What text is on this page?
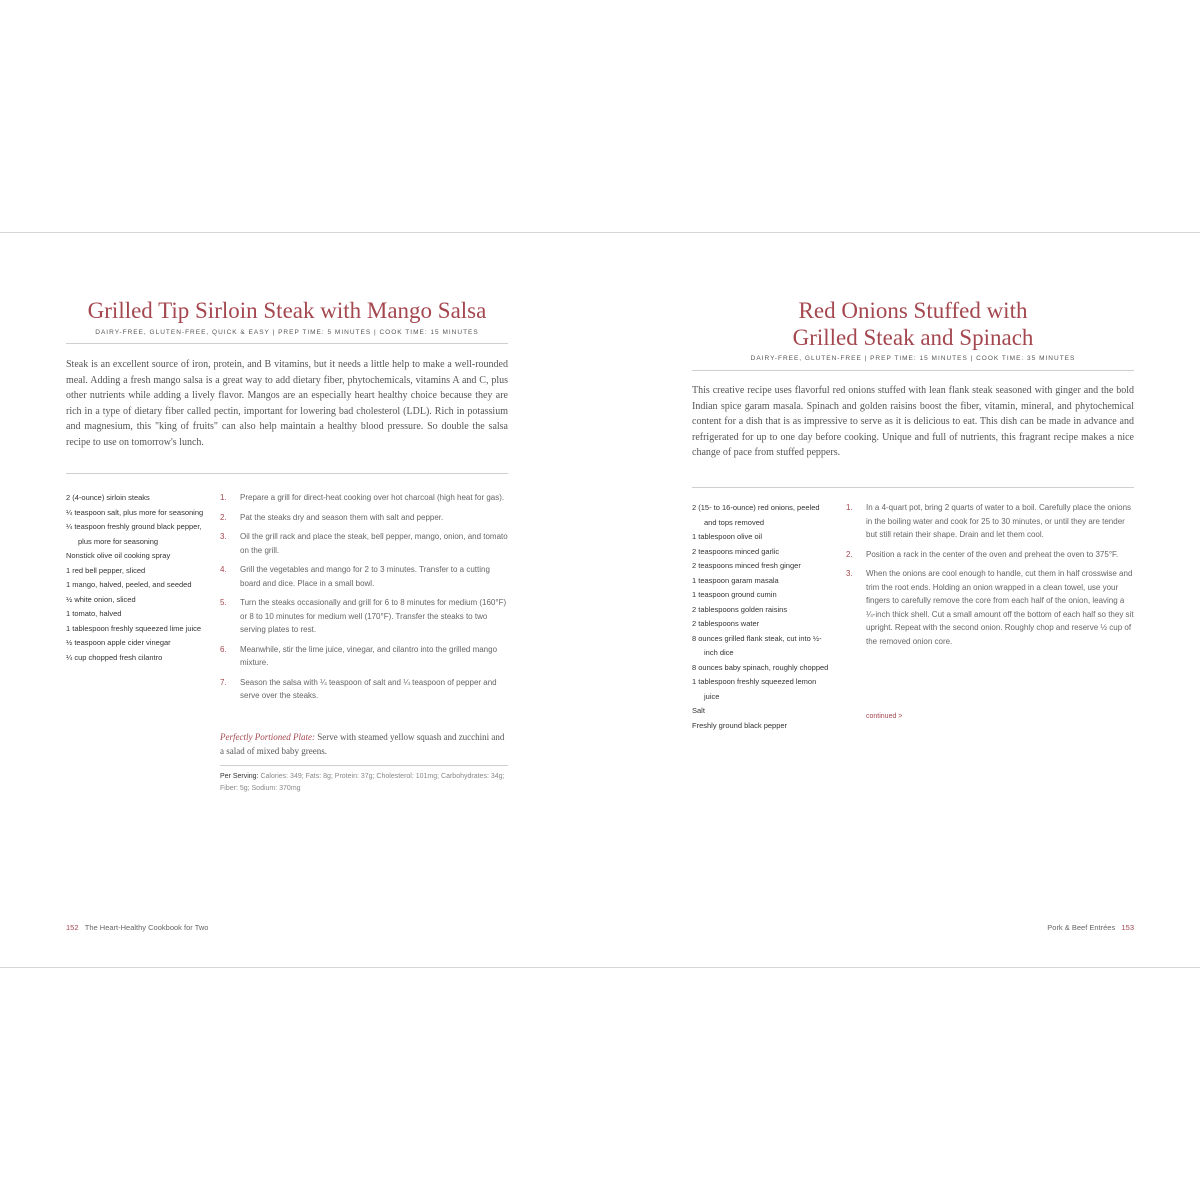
Grilled Tip Sirloin Steak with Mango Salsa
DAIRY-FREE, GLUTEN-FREE, QUICK & EASY | PREP TIME: 5 MINUTES | COOK TIME: 15 MINUTES

Steak is an excellent source of iron, protein, and B vitamins, but it needs a little help to make a well-rounded meal. Adding a fresh mango salsa is a great way to add dietary fiber, phytochemicals, vitamins A and C, plus other nutrients while adding a lively flavor. Mangos are an especially heart healthy choice because they are rich in a type of dietary fiber called pectin, important for lowering bad cholesterol (LDL). Rich in potassium and magnesium, this "king of fruits" can also help maintain a healthy blood pressure. So double the salsa recipe to use on tomorrow's lunch.

2 (4-ounce) sirloin steaks
¼ teaspoon salt, plus more for seasoning
¼ teaspoon freshly ground black pepper, plus more for seasoning
Nonstick olive oil cooking spray
1 red bell pepper, sliced
1 mango, halved, peeled, and seeded
½ white onion, sliced
1 tomato, halved
1 tablespoon freshly squeezed lime juice
½ teaspoon apple cider vinegar
¼ cup chopped fresh cilantro
1. Prepare a grill for direct-heat cooking over hot charcoal (high heat for gas).
2. Pat the steaks dry and season them with salt and pepper.
3. Oil the grill rack and place the steak, bell pepper, mango, onion, and tomato on the grill.
4. Grill the vegetables and mango for 2 to 3 minutes. Transfer to a cutting board and dice. Place in a small bowl.
5. Turn the steaks occasionally and grill for 6 to 8 minutes for medium (160°F) or 8 to 10 minutes for medium well (170°F). Transfer the steaks to two serving plates to rest.
6. Meanwhile, stir the lime juice, vinegar, and cilantro into the grilled mango mixture.
7. Season the salsa with ¼ teaspoon of salt and ¼ teaspoon of pepper and serve over the steaks.

Perfectly Portioned Plate: Serve with steamed yellow squash and zucchini and a salad of mixed baby greens.

Per Serving: Calories: 349; Fats: 8g; Protein: 37g; Cholesterol: 101mg; Carbohydrates: 34g; Fiber: 5g; Sodium: 370mg

152 The Heart-Healthy Cookbook for Two
Red Onions Stuffed with
Grilled Steak and Spinach
DAIRY-FREE, GLUTEN-FREE | PREP TIME: 15 MINUTES | COOK TIME: 35 MINUTES

This creative recipe uses flavorful red onions stuffed with lean flank steak seasoned with ginger and the bold Indian spice garam masala. Spinach and golden raisins boost the fiber, vitamin, mineral, and phytochemical content for a dish that is as impressive to serve as it is delicious to eat. This dish can be made in advance and refrigerated for up to one day before cooking. Unique and full of nutrients, this fragrant recipe makes a nice change of pace from stuffed peppers.

2 (15- to 16-ounce) red onions, peeled and tops removed
1 tablespoon olive oil
2 teaspoons minced garlic
2 teaspoons minced fresh ginger
1 teaspoon garam masala
1 teaspoon ground cumin
2 tablespoons golden raisins
2 tablespoons water
8 ounces grilled flank steak, cut into ½-inch dice
8 ounces baby spinach, roughly chopped
1 tablespoon freshly squeezed lemon juice
Salt
Freshly ground black pepper
1. In a 4-quart pot, bring 2 quarts of water to a boil. Carefully place the onions in the boiling water and cook for 25 to 30 minutes, or until they are tender but still retain their shape. Drain and let them cool.
2. Position a rack in the center of the oven and preheat the oven to 375°F.
3. When the onions are cool enough to handle, cut them in half crosswise and trim the root ends. Holding an onion wrapped in a clean towel, use your fingers to carefully remove the core from each half of the onion, leaving a ¼-inch thick shell. Cut a small amount off the bottom of each half so they sit upright. Repeat with the second onion. Roughly chop and reserve ½ cup of the removed onion core.
continued >
Pork & Beef Entrées 153
